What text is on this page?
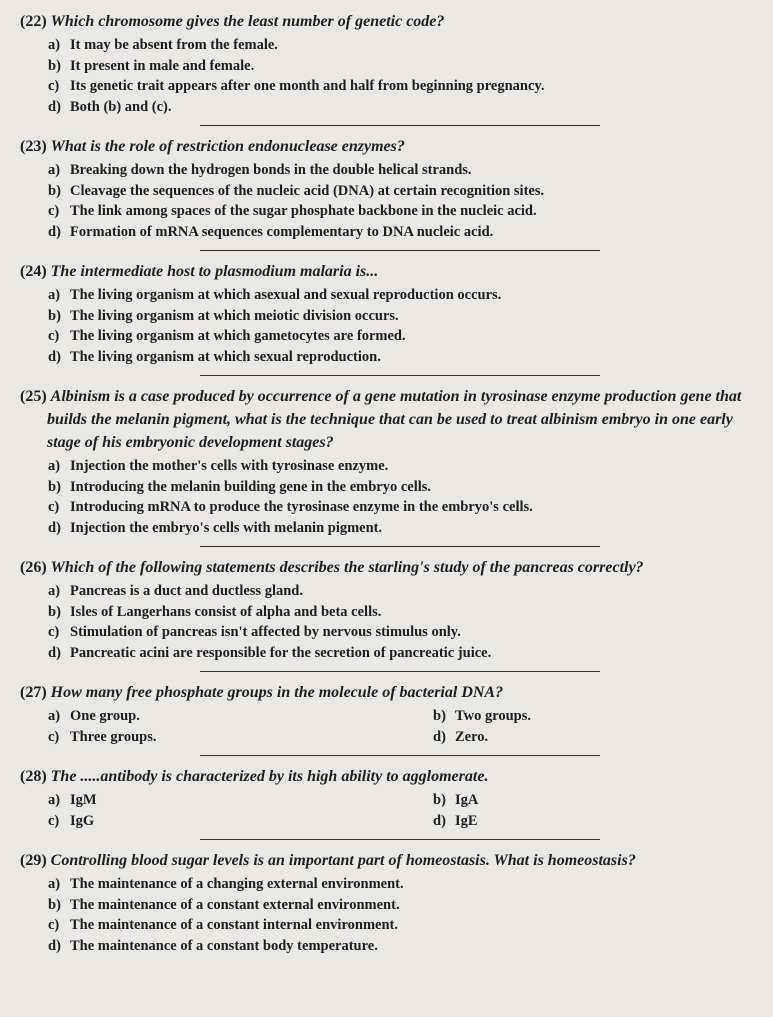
(22) Which chromosome gives the least number of genetic code?
a) It may be absent from the female.
b) It present in male and female.
c) Its genetic trait appears after one month and half from beginning pregnancy.
d) Both (b) and (c).
(23) What is the role of restriction endonuclease enzymes?
a) Breaking down the hydrogen bonds in the double helical strands.
b) Cleavage the sequences of the nucleic acid (DNA) at certain recognition sites.
c) The link among spaces of the sugar phosphate backbone in the nucleic acid.
d) Formation of mRNA sequences complementary to DNA nucleic acid.
(24) The intermediate host to plasmodium malaria is...
a) The living organism at which asexual and sexual reproduction occurs.
b) The living organism at which meiotic division occurs.
c) The living organism at which gametocytes are formed.
d) The living organism at which sexual reproduction.
(25) Albinism is a case produced by occurrence of a gene mutation in tyrosinase enzyme production gene that builds the melanin pigment, what is the technique that can be used to treat albinism embryo in one early stage of his embryonic development stages?
a) Injection the mother's cells with tyrosinase enzyme.
b) Introducing the melanin building gene in the embryo cells.
c) Introducing mRNA to produce the tyrosinase enzyme in the embryo's cells.
d) Injection the embryo's cells with melanin pigment.
(26) Which of the following statements describes the starling's study of the pancreas correctly?
a) Pancreas is a duct and ductless gland.
b) Isles of Langerhans consist of alpha and beta cells.
c) Stimulation of pancreas isn't affected by nervous stimulus only.
d) Pancreatic acini are responsible for the secretion of pancreatic juice.
(27) How many free phosphate groups in the molecule of bacterial DNA?
a) One group.	b) Two groups.
c) Three groups.	d) Zero.
(28) The .....antibody is characterized by its high ability to agglomerate.
a) IgM	b) IgA
c) IgG	d) IgE
(29) Controlling blood sugar levels is an important part of homeostasis. What is homeostasis?
a) The maintenance of a changing external environment.
b) The maintenance of a constant external environment.
c) The maintenance of a constant internal environment.
d) The maintenance of a constant body temperature.
